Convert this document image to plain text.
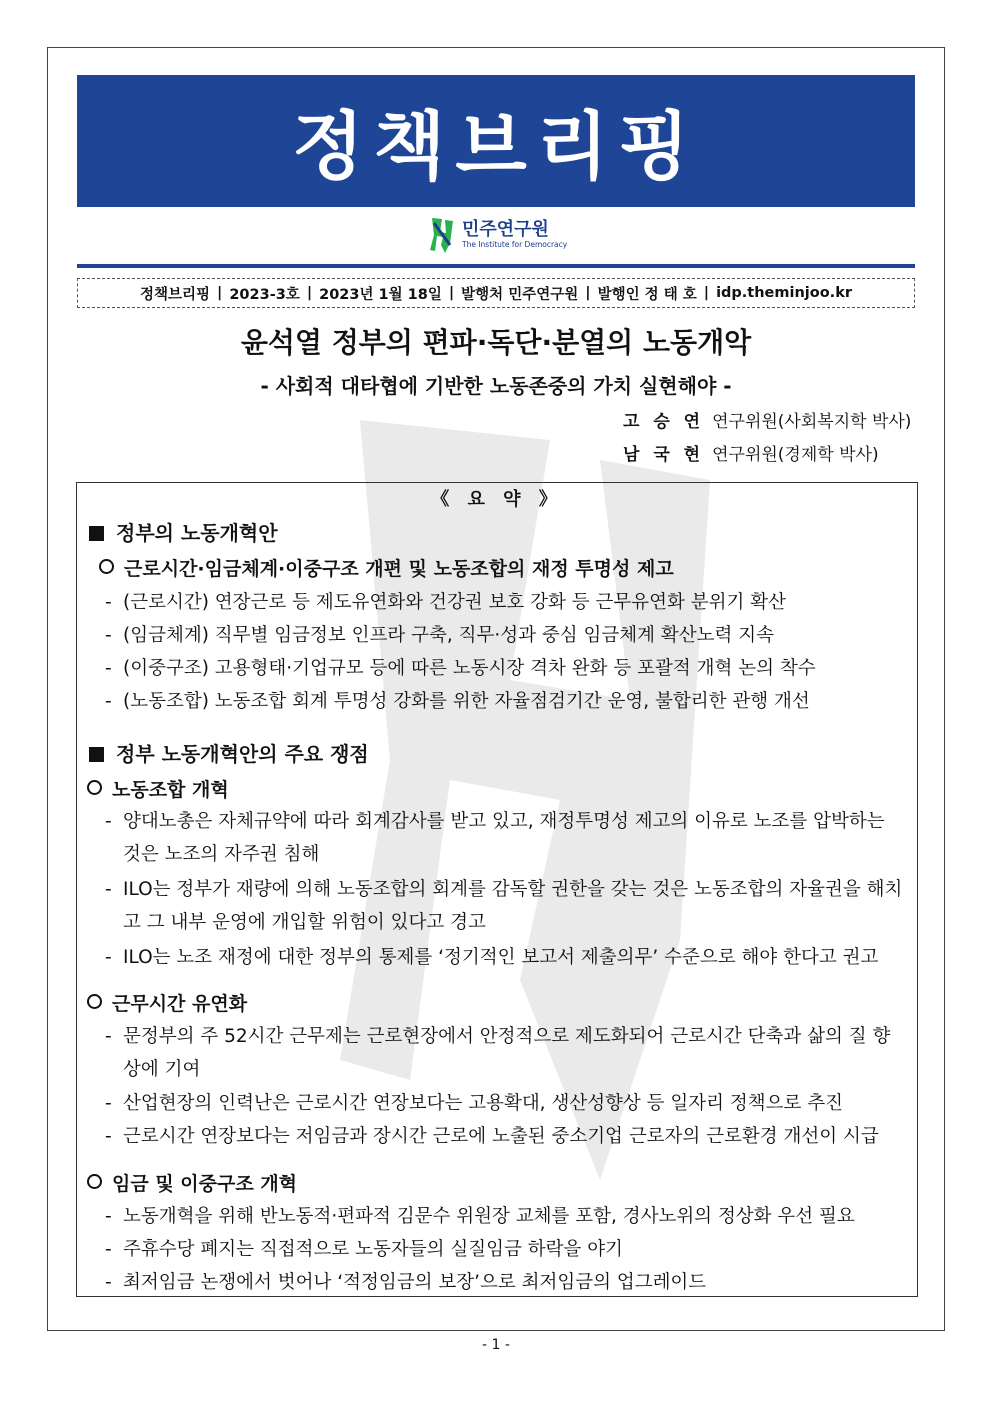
정책브리핑
민주연구원
The Institute for Democracy
정책브리핑 | 2023-3호 | 2023년 1월 18일 | 발행처 민주연구원 | 발행인 정 태 호 | idp.theminjoo.kr
윤석열 정부의 편파·독단·분열의 노동개악
- 사회적 대타협에 기반한 노동존중의 가치 실현해야 -
고 승 연 연구위원(사회복지학 박사)
남 국 현 연구위원(경제학 박사)
《 요 약 》
정부의 노동개혁안
근로시간·임금체계·이중구조 개편 및 노동조합의 재정 투명성 제고
- (근로시간) 연장근로 등 제도유연화와 건강권 보호 강화 등 근무유연화 분위기 확산
- (임금체계) 직무별 임금정보 인프라 구축, 직무·성과 중심 임금체계 확산노력 지속
- (이중구조) 고용형태·기업규모 등에 따른 노동시장 격차 완화 등 포괄적 개혁 논의 착수
- (노동조합) 노동조합 회계 투명성 강화를 위한 자율점검기간 운영, 불합리한 관행 개선
정부 노동개혁안의 주요 쟁점
노동조합 개혁
- 양대노총은 자체규약에 따라 회계감사를 받고 있고, 재정투명성 제고의 이유로 노조를 압박하는 것은 노조의 자주권 침해
- ILO는 정부가 재량에 의해 노동조합의 회계를 감독할 권한을 갖는 것은 노동조합의 자율권을 해치고 그 내부 운영에 개입할 위험이 있다고 경고
- ILO는 노조 재정에 대한 정부의 통제를 ‘정기적인 보고서 제출의무’ 수준으로 해야 한다고 권고
근무시간 유연화
- 문정부의 주 52시간 근무제는 근로현장에서 안정적으로 제도화되어 근로시간 단축과 삶의 질 향상에 기여
- 산업현장의 인력난은 근로시간 연장보다는 고용확대, 생산성향상 등 일자리 정책으로 추진
- 근로시간 연장보다는 저임금과 장시간 근로에 노출된 중소기업 근로자의 근로환경 개선이 시급
임금 및 이중구조 개혁
- 노동개혁을 위해 반노동적·편파적 김문수 위원장 교체를 포함, 경사노위의 정상화 우선 필요
- 주휴수당 폐지는 직접적으로 노동자들의 실질임금 하락을 야기
- 최저임금 논쟁에서 벗어나 ‘적정임금의 보장’으로 최저임금의 업그레이드
- 1 -
